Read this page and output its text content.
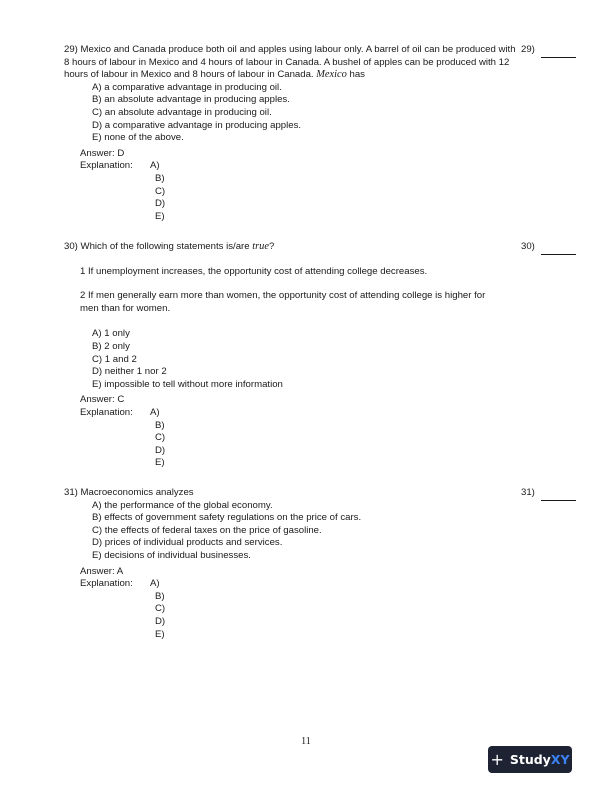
29) Mexico and Canada produce both oil and apples using labour only. A barrel of oil can be produced with 8 hours of labour in Mexico and 4 hours of labour in Canada. A bushel of apples can be produced with 12 hours of labour in Mexico and 8 hours of labour in Canada. Mexico has
A) a comparative advantage in producing oil.
B) an absolute advantage in producing apples.
C) an absolute advantage in producing oil.
D) a comparative advantage in producing apples.
E) none of the above.
Answer: D
Explanation:	A)
B)
C)
D)
E)
29)
30) Which of the following statements is/are true?
1 If unemployment increases, the opportunity cost of attending college decreases.
2 If men generally earn more than women, the opportunity cost of attending college is higher for men than for women.
A) 1 only
B) 2 only
C) 1 and 2
D) neither 1 nor 2
E) impossible to tell without more information
Answer: C
Explanation:	A)
B)
C)
D)
E)
30)
31) Macroeconomics analyzes
A) the performance of the global economy.
B) effects of government safety regulations on the price of cars.
C) the effects of federal taxes on the price of gasoline.
D) prices of individual products and services.
E) decisions of individual businesses.
Answer: A
Explanation:	A)
B)
C)
D)
E)
31)
11
+ StudyXY
